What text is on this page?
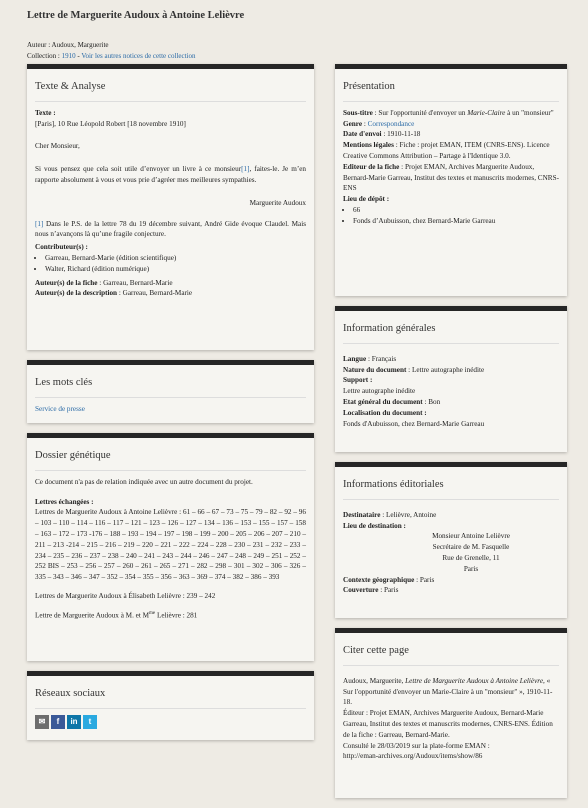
Lettre de Marguerite Audoux à Antoine Lelièvre
Auteur : Audoux, Marguerite
Collection : 1910 - Voir les autres notices de cette collection
Texte & Analyse
Texte :
[Paris], 10 Rue Léopold Robert [18 novembre 1910]
Cher Monsieur,
Si vous pensez que cela soit utile d’envoyer un livre à ce monsieur[1], faites-le. Je m’en rapporte absolument à vous et vous prie d’agréer mes meilleures sympathies.
Marguerite Audoux
[1] Dans le P.S. de la lettre 78 du 19 décembre suivant, André Gide évoque Claudel. Mais nous n’avançons là qu’une fragile conjecture.
Contributeur(s) :
• Garreau, Bernard-Marie (édition scientifique)
• Walter, Richard (édition numérique)
Auteur(s) de la fiche : Garreau, Bernard-Marie
Auteur(s) de la description : Garreau, Bernard-Marie
Les mots clés
Service de presse
Dossier génétique
Ce document n'a pas de relation indiquée avec un autre document du projet.
Lettres échangées :
Lettres de Marguerite Audoux à Antoine Lelièvre : 61 – 66 – 67 – 73 – 75 – 79 – 82 – 92 – 96 – 103 – 110 – 114 – 116 – 117 – 121 – 123 – 126 – 127 – 134 – 136 – 153 – 155 – 157 – 158 – 163 – 172 – 173 -176 – 188 – 193 – 194 – 197 – 198 – 199 – 200 – 205 – 206 – 207 – 210 – 211 – 213 -214 – 215 – 216 – 219 – 220 – 221 – 222 – 224 – 228 – 230 – 231 – 232 – 233 – 234 – 235 – 236 – 237 – 238 – 240 – 241 – 243 – 244 – 246 – 247 – 248 – 249 – 251 – 252 – 252 BIS – 253 – 256 – 257 – 260 – 261 – 265 – 271 – 282 – 298 – 301 – 302 – 306 – 326 – 335 – 343 – 346 – 347 – 352 – 354 – 355 – 356 – 363 – 369 – 374 – 382 – 386 – 393
Lettres de Marguerite Audoux à Élisabeth Lelièvre : 239 – 242
Lettre de Marguerite Audoux à M. et $M^{me}$ Lelièvre : 281
Réseaux sociaux
✉	f	in	t
Présentation
Sous-titre : Sur l'opportunité d'envoyer un Marie-Claire à un "monsieur"
Genre : Correspondance
Date d'envoi : 1910-11-18
Mentions légales : Fiche : projet EMAN, ITEM (CNRS-ENS). Licence Creative Commons Attribution – Partage à l'Identique 3.0.
Editeur de la fiche : Projet EMAN, Archives Marguerite Audoux, Bernard-Marie Garreau, Institut des textes et manuscrits modernes, CNRS-ENS
Lieu de dépôt :
• 66
• Fonds d’Aubuisson, chez Bernard-Marie Garreau
Information générales
Langue : Français
Nature du document : Lettre autographe inédite
Support :
Lettre autographe inédite
Etat général du document : Bon
Localisation du document :
Fonds d'Aubuisson, chez Bernard-Marie Garreau
Informations éditoriales
Destinataire : Lelièvre, Antoine
Lieu de destination :
Monsieur Antoine Lelièvre
Secrétaire de M. Fasquelle
Rue de Grenelle, 11
Paris
Contexte géographique : Paris
Couverture : Paris
Citer cette page
Audoux, Marguerite, Lettre de Marguerite Audoux à Antoine Lelièvre, « Sur l'opportunité d'envoyer un Marie-Claire à un "monsieur" », 1910-11-18.
Éditeur : Projet EMAN, Archives Marguerite Audoux, Bernard-Marie Garreau, Institut des textes et manuscrits modernes, CNRS-ENS. Édition de la fiche : Garreau, Bernard-Marie.
Consulté le 28/03/2019 sur la plate-forme EMAN :
http://eman-archives.org/Audoux/items/show/86
